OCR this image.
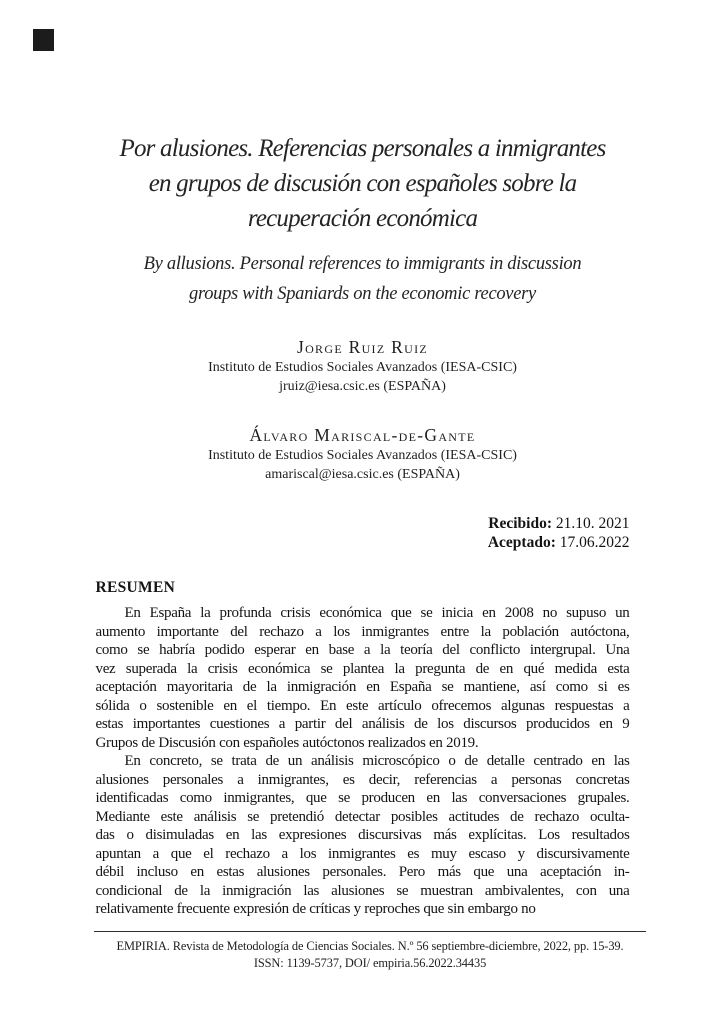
Por alusiones. Referencias personales a inmigrantes
en grupos de discusión con españoles sobre la
recuperación económica
By allusions. Personal references to immigrants in discussion
groups with Spaniards on the economic recovery
Jorge Ruiz Ruiz
Instituto de Estudios Sociales Avanzados (IESA-CSIC)
jruiz@iesa.csic.es (ESPAÑA)
Álvaro Mariscal-de-Gante
Instituto de Estudios Sociales Avanzados (IESA-CSIC)
amariscal@iesa.csic.es (ESPAÑA)
Recibido: 21.10. 2021
Aceptado: 17.06.2022
RESUMEN
En España la profunda crisis económica que se inicia en 2008 no supuso un
aumento importante del rechazo a los inmigrantes entre la población autóctona,
como se habría podido esperar en base a la teoría del conflicto intergrupal. Una
vez superada la crisis económica se plantea la pregunta de en qué medida esta
aceptación mayoritaria de la inmigración en España se mantiene, así como si es
sólida o sostenible en el tiempo. En este artículo ofrecemos algunas respuestas a
estas importantes cuestiones a partir del análisis de los discursos producidos en 9
Grupos de Discusión con españoles autóctonos realizados en 2019.
En concreto, se trata de un análisis microscópico o de detalle centrado en las
alusiones personales a inmigrantes, es decir, referencias a personas concretas
identificadas como inmigrantes, que se producen en las conversaciones grupales.
Mediante este análisis se pretendió detectar posibles actitudes de rechazo oculta-
das o disimuladas en las expresiones discursivas más explícitas. Los resultados
apuntan a que el rechazo a los inmigrantes es muy escaso y discursivamente
débil incluso en estas alusiones personales. Pero más que una aceptación in-
condicional de la inmigración las alusiones se muestran ambivalentes, con una
relativamente frecuente expresión de críticas y reproches que sin embargo no
EMPIRIA. Revista de Metodología de Ciencias Sociales. N.º 56 septiembre-diciembre, 2022, pp. 15-39.
ISSN: 1139-5737, DOI/ empiria.56.2022.34435
